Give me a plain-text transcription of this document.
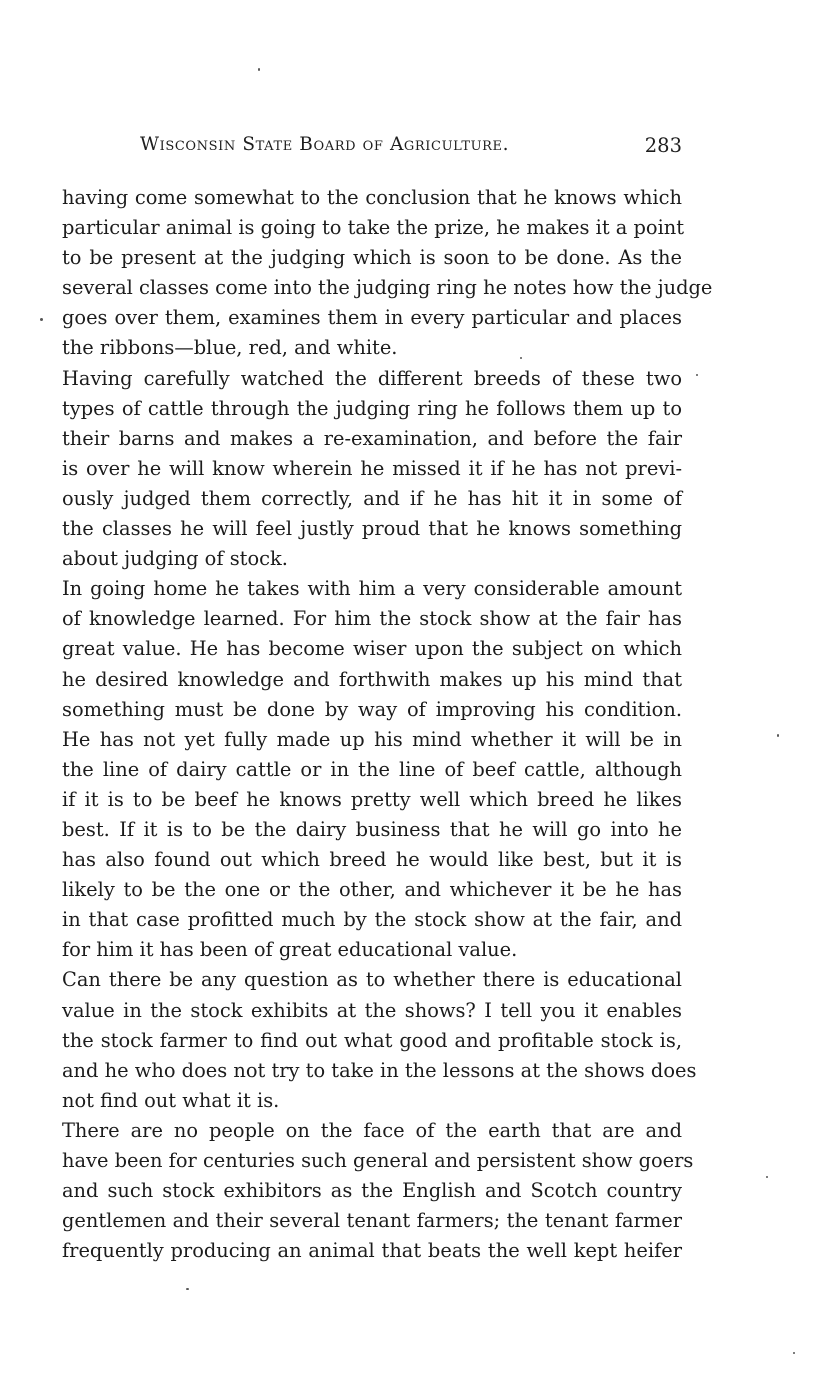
Wisconsin State Board of Agriculture.	283
having come somewhat to the conclusion that he knows which
particular animal is going to take the prize, he makes it a point
to be present at the judging which is soon to be done. As the
several classes come into the judging ring he notes how the judge
goes over them, examines them in every particular and places
the ribbons—blue, red, and white.
Having carefully watched the different breeds of these two
types of cattle through the judging ring he follows them up to
their barns and makes a re-examination, and before the fair
is over he will know wherein he missed it if he has not previ-
ously judged them correctly, and if he has hit it in some of
the classes he will feel justly proud that he knows something
about judging of stock.
In going home he takes with him a very considerable amount
of knowledge learned. For him the stock show at the fair has
great value. He has become wiser upon the subject on which
he desired knowledge and forthwith makes up his mind that
something must be done by way of improving his condition.
He has not yet fully made up his mind whether it will be in
the line of dairy cattle or in the line of beef cattle, although
if it is to be beef he knows pretty well which breed he likes
best. If it is to be the dairy business that he will go into he
has also found out which breed he would like best, but it is
likely to be the one or the other, and whichever it be he has
in that case profitted much by the stock show at the fair, and
for him it has been of great educational value.
Can there be any question as to whether there is educational
value in the stock exhibits at the shows? I tell you it enables
the stock farmer to find out what good and profitable stock is,
and he who does not try to take in the lessons at the shows does
not find out what it is.
There are no people on the face of the earth that are and
have been for centuries such general and persistent show goers
and such stock exhibitors as the English and Scotch country
gentlemen and their several tenant farmers; the tenant farmer
frequently producing an animal that beats the well kept heifer
